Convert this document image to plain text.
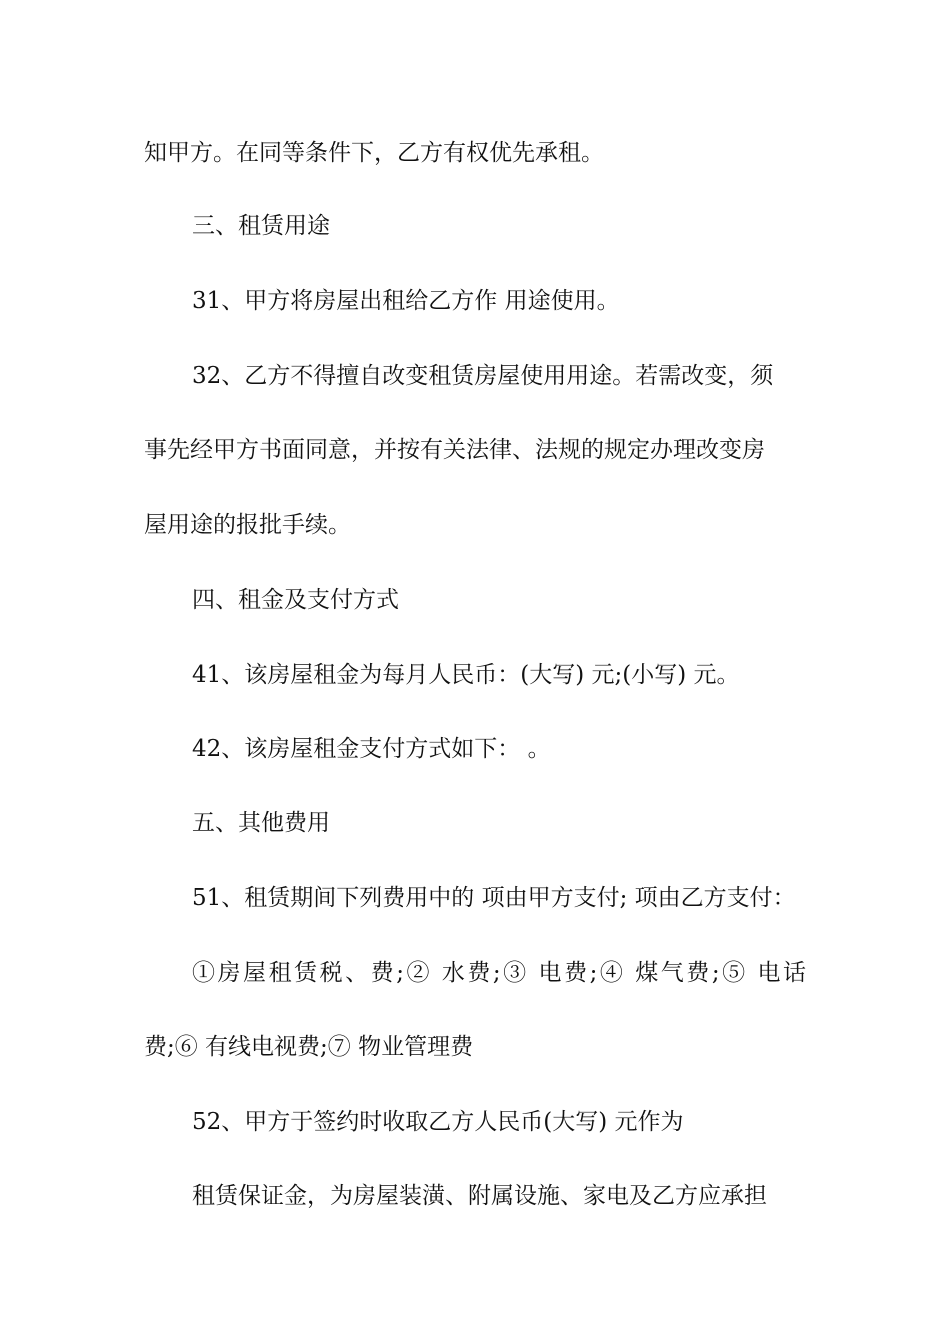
知甲方。在同等条件下，乙方有权优先承租。
三、租赁用途
31、甲方将房屋出租给乙方作 用途使用。
32、乙方不得擅自改变租赁房屋使用用途。若需改变，须
事先经甲方书面同意，并按有关法律、法规的规定办理改变房
屋用途的报批手续。
四、租金及支付方式
41、该房屋租金为每月人民币：(大写) 元;(小写) 元。
42、该房屋租金支付方式如下： 。
五、其他费用
51、租赁期间下列费用中的 项由甲方支付; 项由乙方支付：
①房屋租赁税、费;② 水费;③ 电费;④ 煤气费;⑤ 电话
费;⑥ 有线电视费;⑦ 物业管理费
52、甲方于签约时收取乙方人民币(大写) 元作为
租赁保证金，为房屋装潢、附属设施、家电及乙方应承担
